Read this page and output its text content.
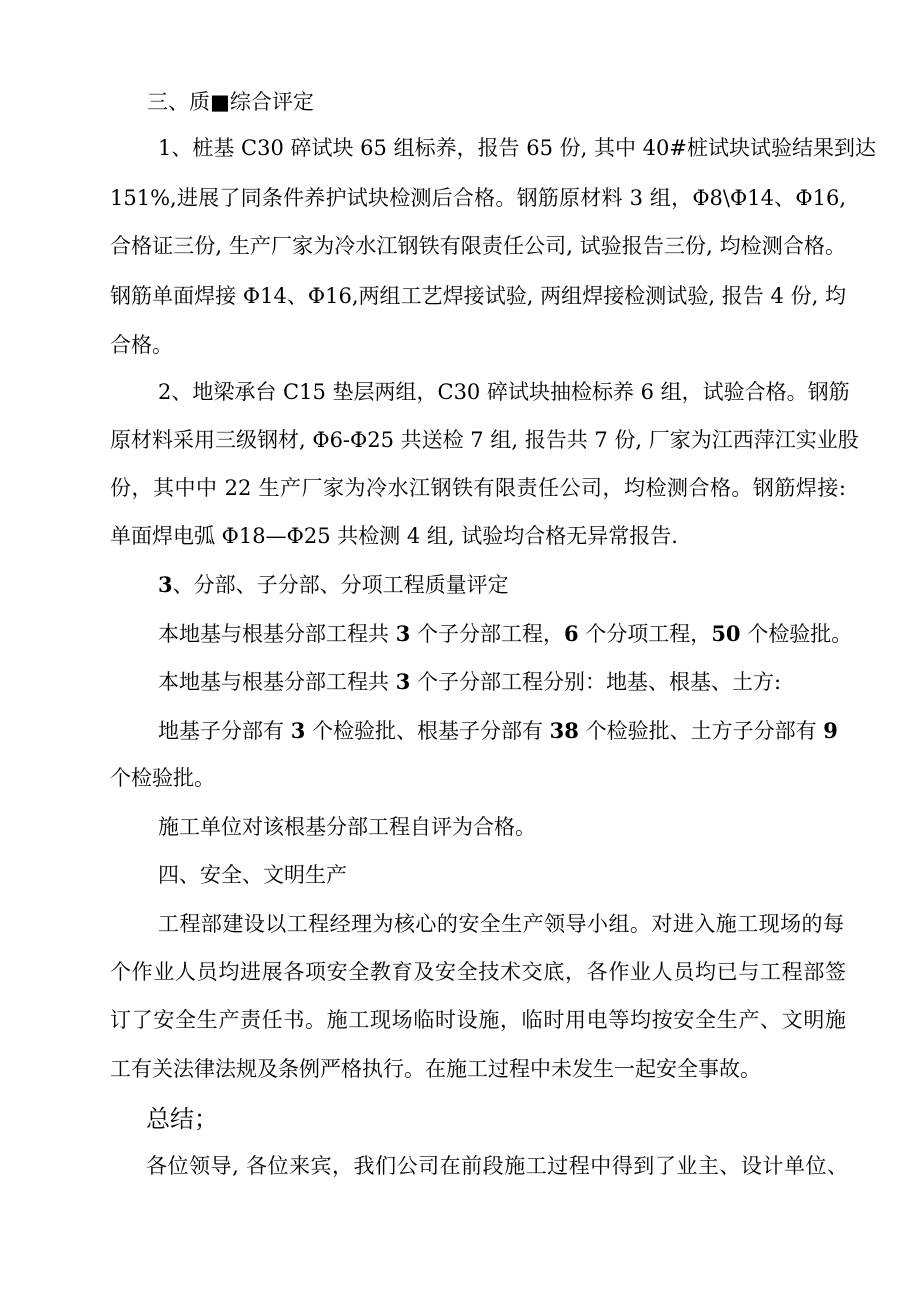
三、质■综合评定
1、桩基 C30 碎试块 65 组标养，报告 65 份, 其中 40#桩试块试验结果到达
151%,进展了同条件养护试块检测后合格。钢筋原材料 3 组，Φ8\Φ14、Φ16,
合格证三份, 生产厂家为冷水江钢铁有限责任公司, 试验报告三份, 均检测合格。
钢筋单面焊接 Φ14、Φ16,两组工艺焊接试验, 两组焊接检测试验, 报告 4 份, 均
合格。
2、地梁承台 C15 垫层两组，C30 碎试块抽检标养 6 组，试验合格。钢筋
原材料采用三级钢材, Φ6-Φ25 共送检 7 组, 报告共 7 份, 厂家为江西萍江实业股
份，其中中 22 生产厂家为冷水江钢铁有限责任公司，均检测合格。钢筋焊接:
单面焊电弧 Φ18—Φ25 共检测 4 组, 试验均合格无异常报告.
3、分部、子分部、分项工程质量评定
本地基与根基分部工程共 3 个子分部工程，6 个分项工程，50 个检验批。
本地基与根基分部工程共 3 个子分部工程分别：地基、根基、土方:
地基子分部有 3 个检验批、根基子分部有 38 个检验批、土方子分部有 9
个检验批。
施工单位对该根基分部工程自评为合格。
四、安全、文明生产
工程部建设以工程经理为核心的安全生产领导小组。对进入施工现场的每
个作业人员均进展各项安全教育及安全技术交底，各作业人员均已与工程部签
订了安全生产责任书。施工现场临时设施，临时用电等均按安全生产、文明施
工有关法律法规及条例严格执行。在施工过程中未发生一起安全事故。
总结；
各位领导, 各位来宾，我们公司在前段施工过程中得到了业主、设计单位、
